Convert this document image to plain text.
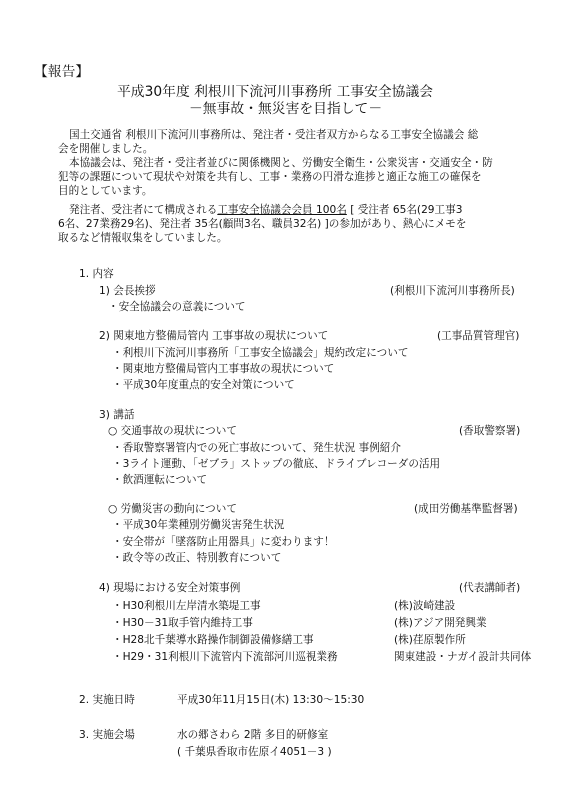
【報告】
平成30年度 利根川下流河川事務所 工事安全協議会
－無事故・無災害を目指して－
国土交通省 利根川下流河川事務所は、発注者・受注者双方からなる工事安全協議会 総
会を開催しました。
本協議会は、発注者・受注者並びに関係機関と、労働安全衛生・公衆災害・交通安全・防
犯等の課題について現状や対策を共有し、工事・業務の円滑な進捗と適正な施工の確保を
目的としています。
発注者、受注者にて構成される工事安全協議会会員 100名 [ 受注者 65名(29工事3
6名、27業務29名)、発注者 35名(顧問3名、職員32名) ]の参加があり、熱心にメモを
取るなど情報収集をしていました。
1. 内容
1) 会長挨拶	(利根川下流河川事務所長)
・安全協議会の意義について
2) 関東地方整備局管内 工事事故の現状について	(工事品質管理官)
・利根川下流河川事務所「工事安全協議会」規約改定について
・関東地方整備局管内工事事故の現状について
・平成30年度重点的安全対策について
3) 講話
○ 交通事故の現状について	(香取警察署)
・香取警察署管内での死亡事故について、発生状況 事例紹介
・3ライト運動、「ゼブラ」ストップの徹底、ドライブレコーダの活用
・飲酒運転について
○ 労働災害の動向について	(成田労働基準監督署)
・平成30年業種別労働災害発生状況
・安全帯が「墜落防止用器具」に変わります！
・政令等の改正、特別教育について
4) 現場における安全対策事例	(代表講師者)
・H30利根川左岸清水築堤工事	(株)波崎建設
・H30－31取手管内維持工事	(株)アジア開発興業
・H28北千葉導水路操作制御設備修繕工事	(株)荏原製作所
・H29・31利根川下流管内下流部河川巡視業務	関東建設・ナガイ設計共同体
2. 実施日時	平成30年11月15日(木) 13:30～15:30
3. 実施会場	水の郷さわら 2階 多目的研修室
( 千葉県香取市佐原イ4051－3 )
